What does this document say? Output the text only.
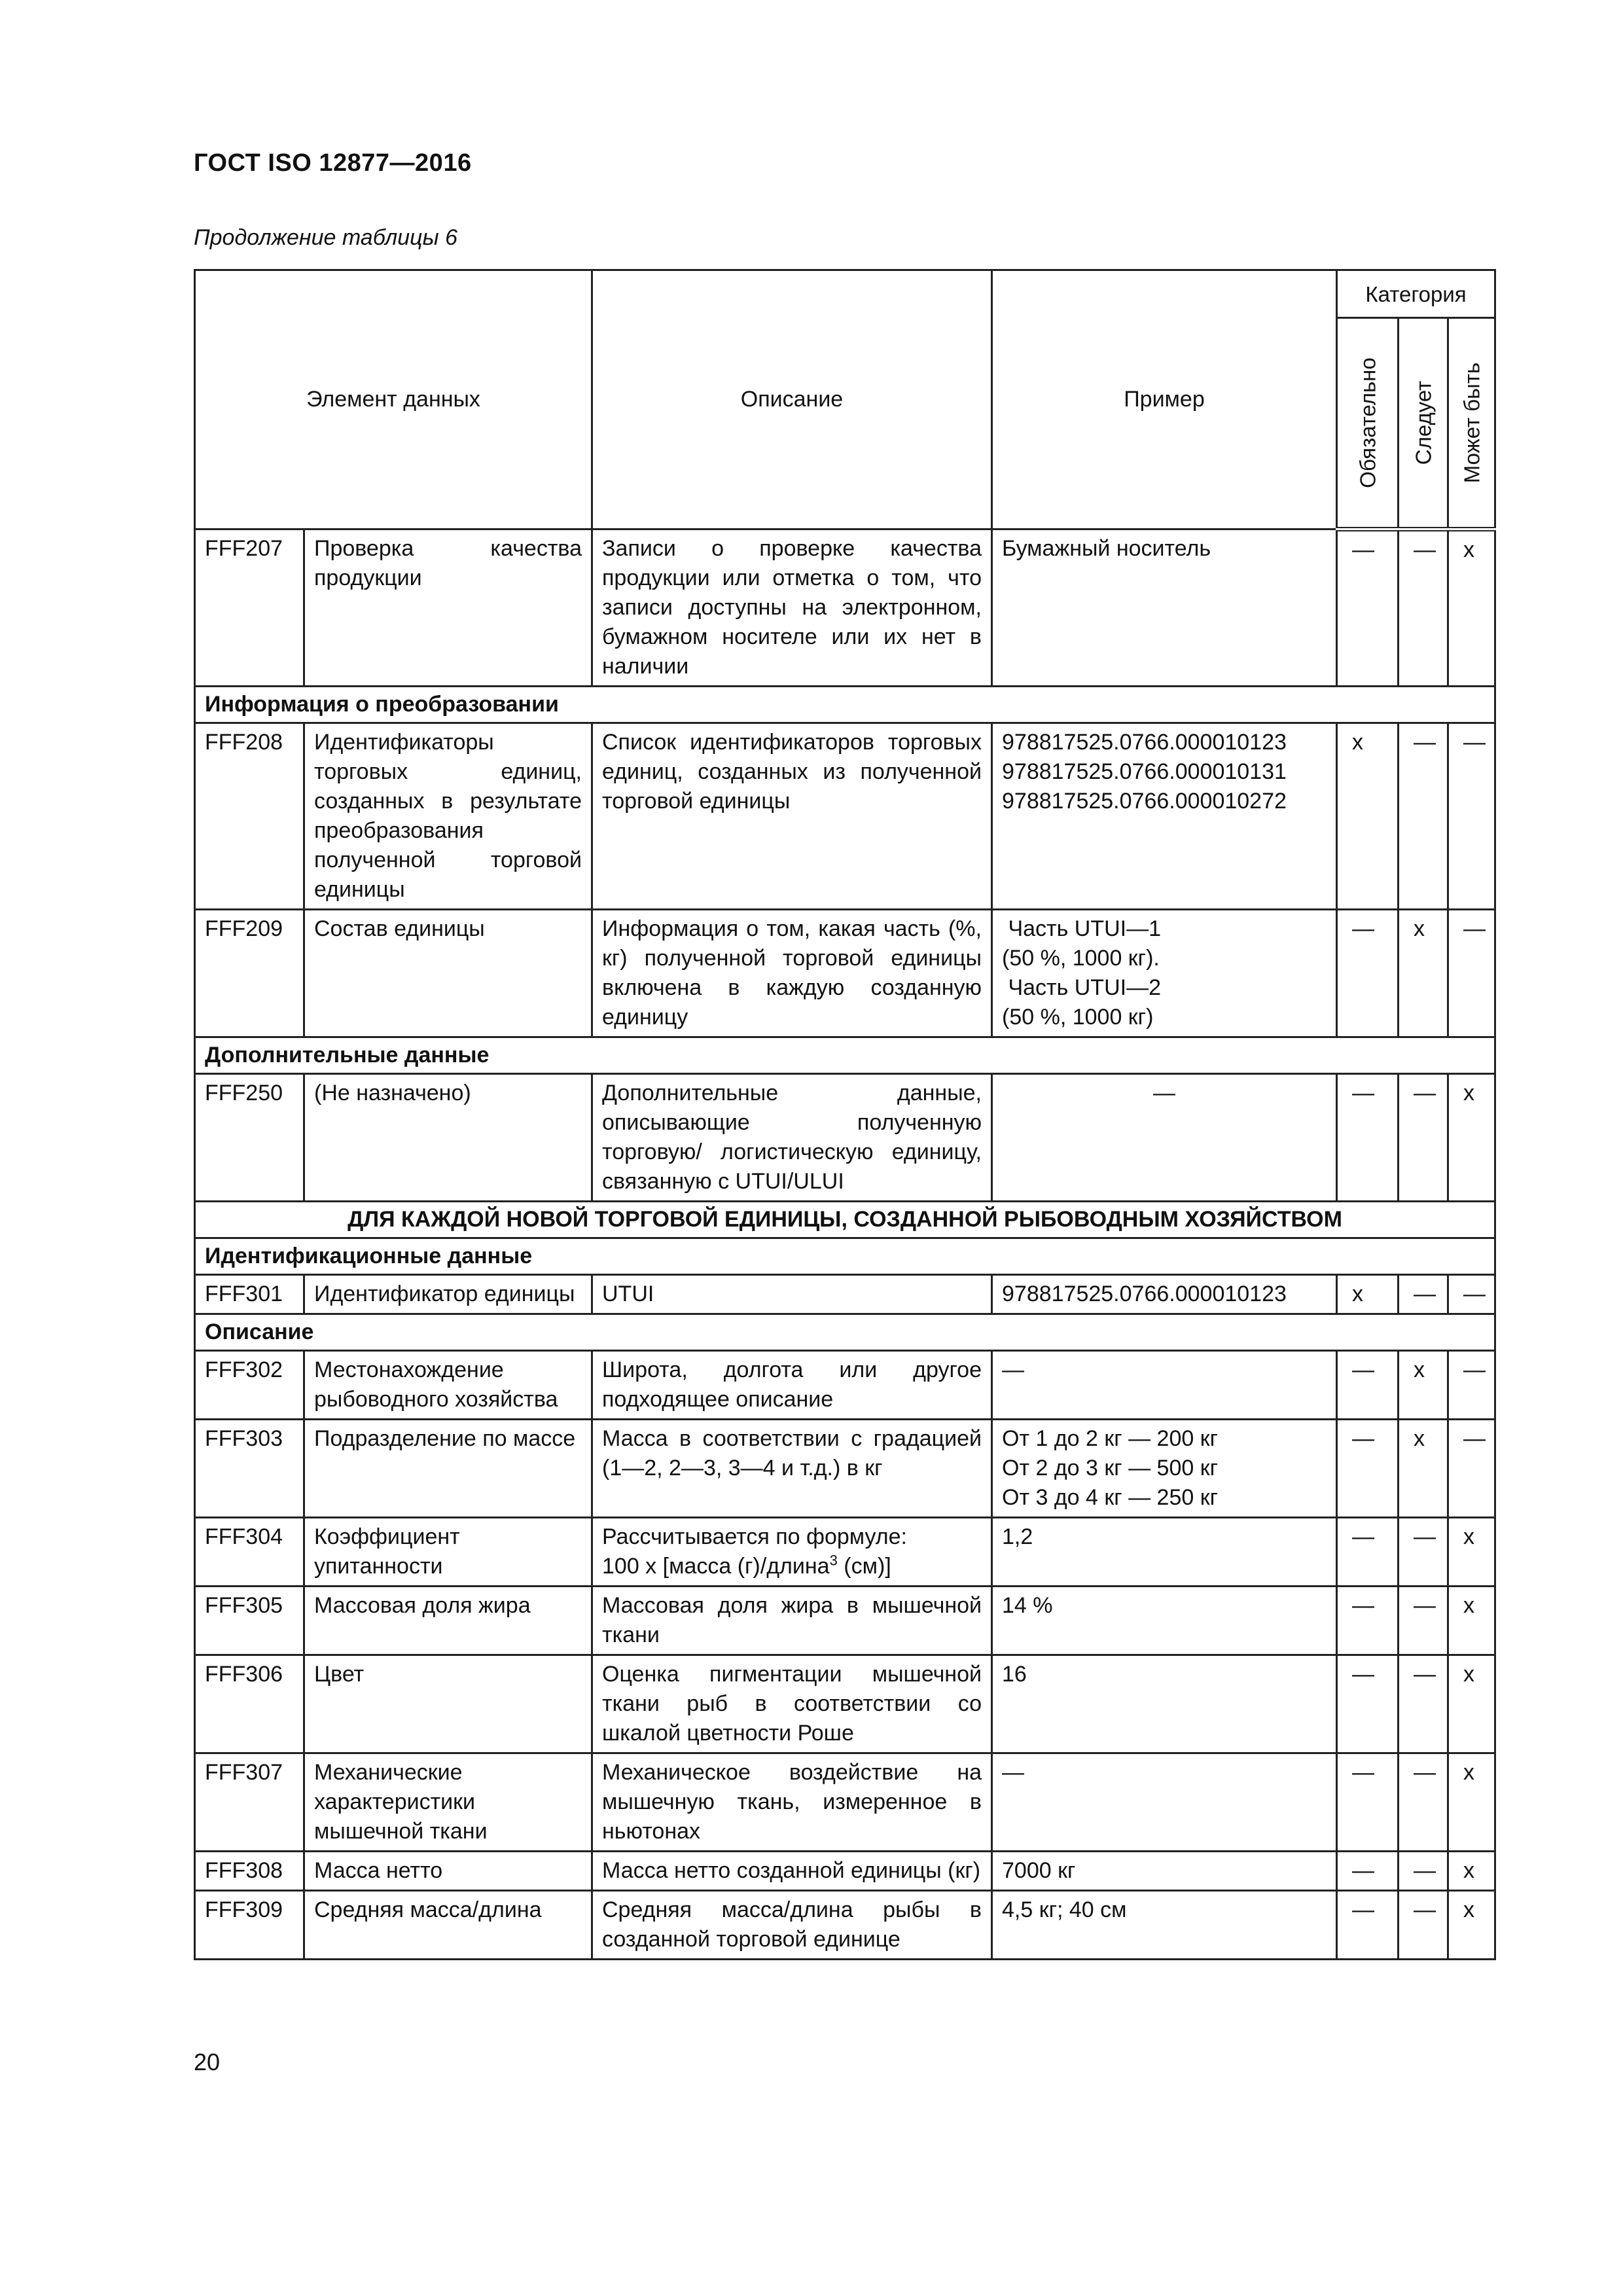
ГОСТ ISO 12877—2016
Продолжение таблицы 6
Элемент данных		Описание	Пример	Категория		

				Обязательно	Следует	Может быть

FFF207	Проверка качества продукции	Записи о проверке качества продукции или отметка о том, что записи доступны на электронном, бумажном носителе или их нет в наличии	Бумажный носитель	—	—	x
Информация о преобразовании						
FFF208	Идентификаторы торговых единиц, созданных в результате преобразования полученной торговой единицы	Список идентификаторов торговых единиц, созданных из полученной торговой единицы	978817525.0766.000010123
978817525.0766.000010131
978817525.0766.000010272	x	—	—
FFF209	Состав единицы	Информация о том, какая часть (%, кг) полученной торговой единицы включена в каждую созданную единицу	Часть UTUI—1
(50 %, 1000 кг).
Часть UTUI—2
(50 %, 1000 кг)	—	x	—
Дополнительные данные						
FFF250	(Не назначено)	Дополнительные данные, описывающие полученную торговую/ логистическую единицу, связанную с UTUI/ULUI	—	—	—	x
ДЛЯ КАЖДОЙ НОВОЙ ТОРГОВОЙ ЕДИНИЦЫ, СОЗДАННОЙ РЫБОВОДНЫМ ХОЗЯЙСТВОМ						
Идентификационные данные						
FFF301	Идентификатор единицы	UTUI	978817525.0766.000010123	x	—	—
Описание						
FFF302	Местонахождение рыбоводного хозяйства	Широта, долгота или другое подходящее описание	—	—	x	—
FFF303	Подразделение по массе	Масса в соответствии с градацией (1—2, 2—3, 3—4 и т.д.) в кг	От 1 до 2 кг — 200 кг
От 2 до 3 кг — 500 кг
От 3 до 4 кг — 250 кг	—	x	—
FFF304	Коэффициент упитанности	Рассчитывается по формуле:
100 x [масса (г)/длина$^3$ (см)]	1,2	—	—	x
FFF305	Массовая доля жира	Массовая доля жира в мышечной ткани	14 %	—	—	x
FFF306	Цвет	Оценка пигментации мышечной ткани рыб в соответствии со шкалой цветности Роше	16	—	—	x
FFF307	Механические характеристики мышечной ткани	Механическое воздействие на мышечную ткань, измеренное в ньютонах	—	—	—	x
FFF308	Масса нетто	Масса нетто созданной единицы (кг)	7000 кг	—	—	x
FFF309	Средняя масса/длина	Средняя масса/длина рыбы в созданной торговой единице	4,5 кг; 40 см	—	—	x
20
